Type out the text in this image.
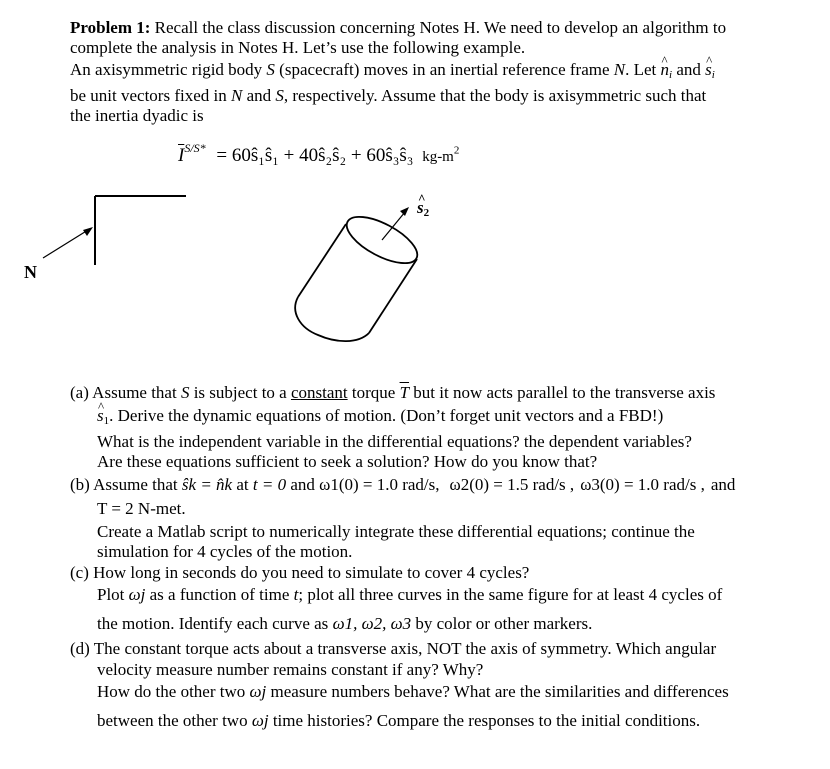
Problem 1: Recall the class discussion concerning Notes H. We need to develop an algorithm to
complete the analysis in Notes H. Let’s use the following example.
An axisymmetric rigid body S (spacecraft) moves in an inertial reference frame N. Let ^ $n_i$ and ^ $s_i$
be unit vectors fixed in N and S, respectively. Assume that the body is axisymmetric such that
the inertia dyadic is
$\overline{I}^{S/S*}$ = 60ŝ₁ŝ₁ + 40ŝ₂ŝ₂ + 60ŝ₃ŝ₃ $kg-m^2$
N
^ $s_2$
(a) Assume that S is subject to a constant torque $\overline{T}$ but it now acts parallel to the transverse axis
^ $s_1$. Derive the dynamic equations of motion. (Don’t forget unit vectors and a FBD!)
What is the independent variable in the differential equations? the dependent variables?
Are these equations sufficient to seek a solution? How do you know that?
(b) Assume that ŝk = n̂k at t = 0 and ω1(0) = 1.0 rad/s, ω2(0) = 1.5 rad/s , ω3(0) = 1.0 rad/s , and
T = 2 N-met.
Create a Matlab script to numerically integrate these differential equations; continue the
simulation for 4 cycles of the motion.
(c) How long in seconds do you need to simulate to cover 4 cycles?
Plot ωj as a function of time t; plot all three curves in the same figure for at least 4 cycles of
the motion. Identify each curve as ω1, ω2, ω3 by color or other markers.
(d) The constant torque acts about a transverse axis, NOT the axis of symmetry. Which angular
velocity measure number remains constant if any? Why?
How do the other two ωj measure numbers behave? What are the similarities and differences
between the other two ωj time histories? Compare the responses to the initial conditions.
